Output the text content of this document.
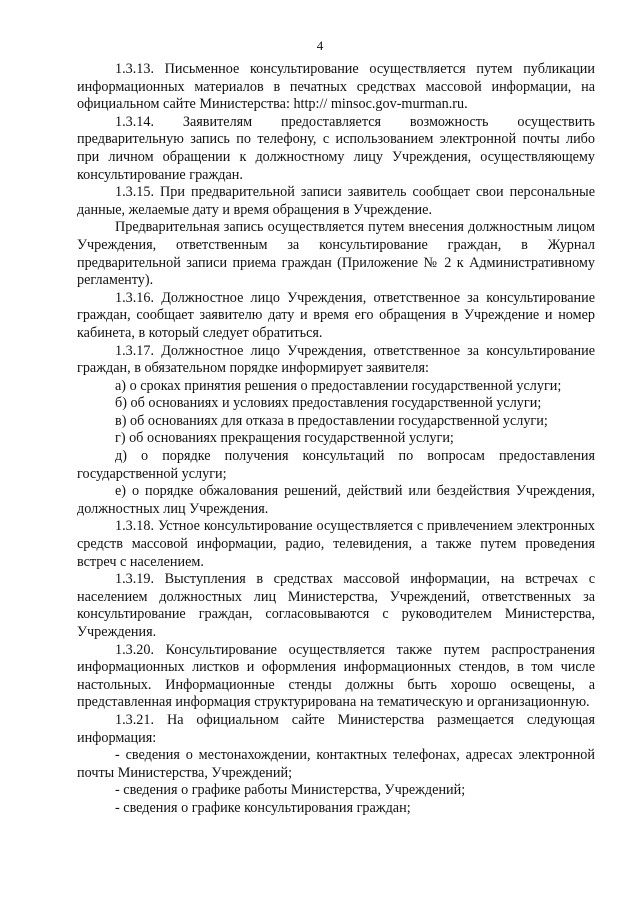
4

1.3.13. Письменное консультирование осуществляется путем публикации информационных материалов в печатных средствах массовой информации, на официальном сайте Министерства: http:// minsoc.gov-murman.ru.

1.3.14. Заявителям предоставляется возможность осуществить предварительную запись по телефону, с использованием электронной почты либо при личном обращении к должностному лицу Учреждения, осуществляющему консультирование граждан.

1.3.15. При предварительной записи заявитель сообщает свои персональные данные, желаемые дату и время обращения в Учреждение.

Предварительная запись осуществляется путем внесения должностным лицом Учреждения, ответственным за консультирование граждан, в Журнал предварительной записи приема граждан (Приложение № 2 к Административному регламенту).

1.3.16. Должностное лицо Учреждения, ответственное за консультирование граждан, сообщает заявителю дату и время его обращения в Учреждение и номер кабинета, в который следует обратиться.

1.3.17. Должностное лицо Учреждения, ответственное за консультирование граждан, в обязательном порядке информирует заявителя:

а) о сроках принятия решения о предоставлении государственной услуги;

б) об основаниях и условиях предоставления государственной услуги;

в) об основаниях для отказа в предоставлении государственной услуги;

г) об основаниях прекращения государственной услуги;

д) о порядке получения консультаций по вопросам предоставления государственной услуги;

е) о порядке обжалования решений, действий или бездействия Учреждения, должностных лиц Учреждения.

1.3.18. Устное консультирование осуществляется с привлечением электронных средств массовой информации, радио, телевидения, а также путем проведения встреч с населением.

1.3.19. Выступления в средствах массовой информации, на встречах с населением должностных лиц Министерства, Учреждений, ответственных за консультирование граждан, согласовываются с руководителем Министерства, Учреждения.

1.3.20. Консультирование осуществляется также путем распространения информационных листков и оформления информационных стендов, в том числе настольных. Информационные стенды должны быть хорошо освещены, а представленная информация структурирована на тематическую и организационную.

1.3.21. На официальном сайте Министерства размещается следующая информация:

- сведения о местонахождении, контактных телефонах, адресах электронной почты Министерства, Учреждений;

- сведения о графике работы Министерства, Учреждений;

- сведения о графике консультирования граждан;
